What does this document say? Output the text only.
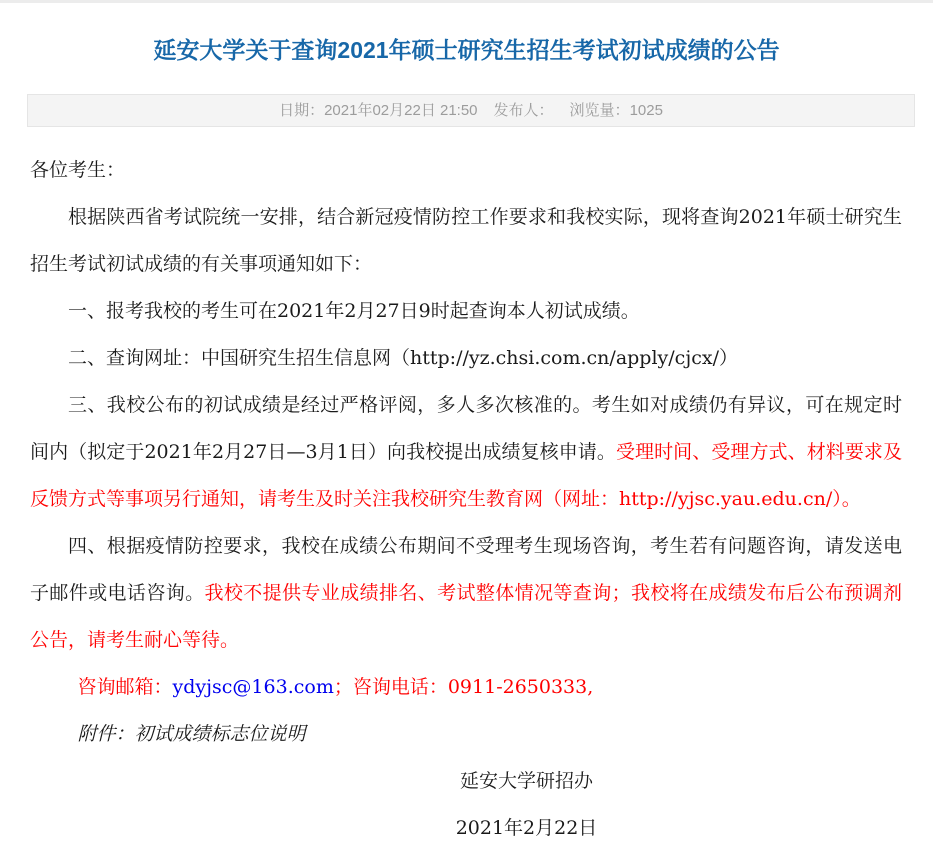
延安大学关于查询2021年硕士研究生招生考试初试成绩的公告
日期：2021年02月22日 21:50 发布人： 浏览量：1025

各位考生：

根据陕西省考试院统一安排，结合新冠疫情防控工作要求和我校实际，现将查询2021年硕士研究生招生考试初试成绩的有关事项通知如下：

一、报考我校的考生可在2021年2月27日9时起查询本人初试成绩。

二、查询网址：中国研究生招生信息网（http://yz.chsi.com.cn/apply/cjcx/）

三、我校公布的初试成绩是经过严格评阅，多人多次核准的。考生如对成绩仍有异议，可在规定时间内（拟定于2021年2月27日—3月1日）向我校提出成绩复核申请。受理时间、受理方式、材料要求及反馈方式等事项另行通知，请考生及时关注我校研究生教育网（网址：http://yjsc.yau.edu.cn/）。

四、根据疫情防控要求，我校在成绩公布期间不受理考生现场咨询，考生若有问题咨询，请发送电子邮件或电话咨询。我校不提供专业成绩排名、考试整体情况等查询；我校将在成绩发布后公布预调剂公告，请考生耐心等待。

咨询邮箱：ydyjsc@163.com；咨询电话：0911-2650333,

附件：初试成绩标志位说明

延安大学研招办

2021年2月22日
